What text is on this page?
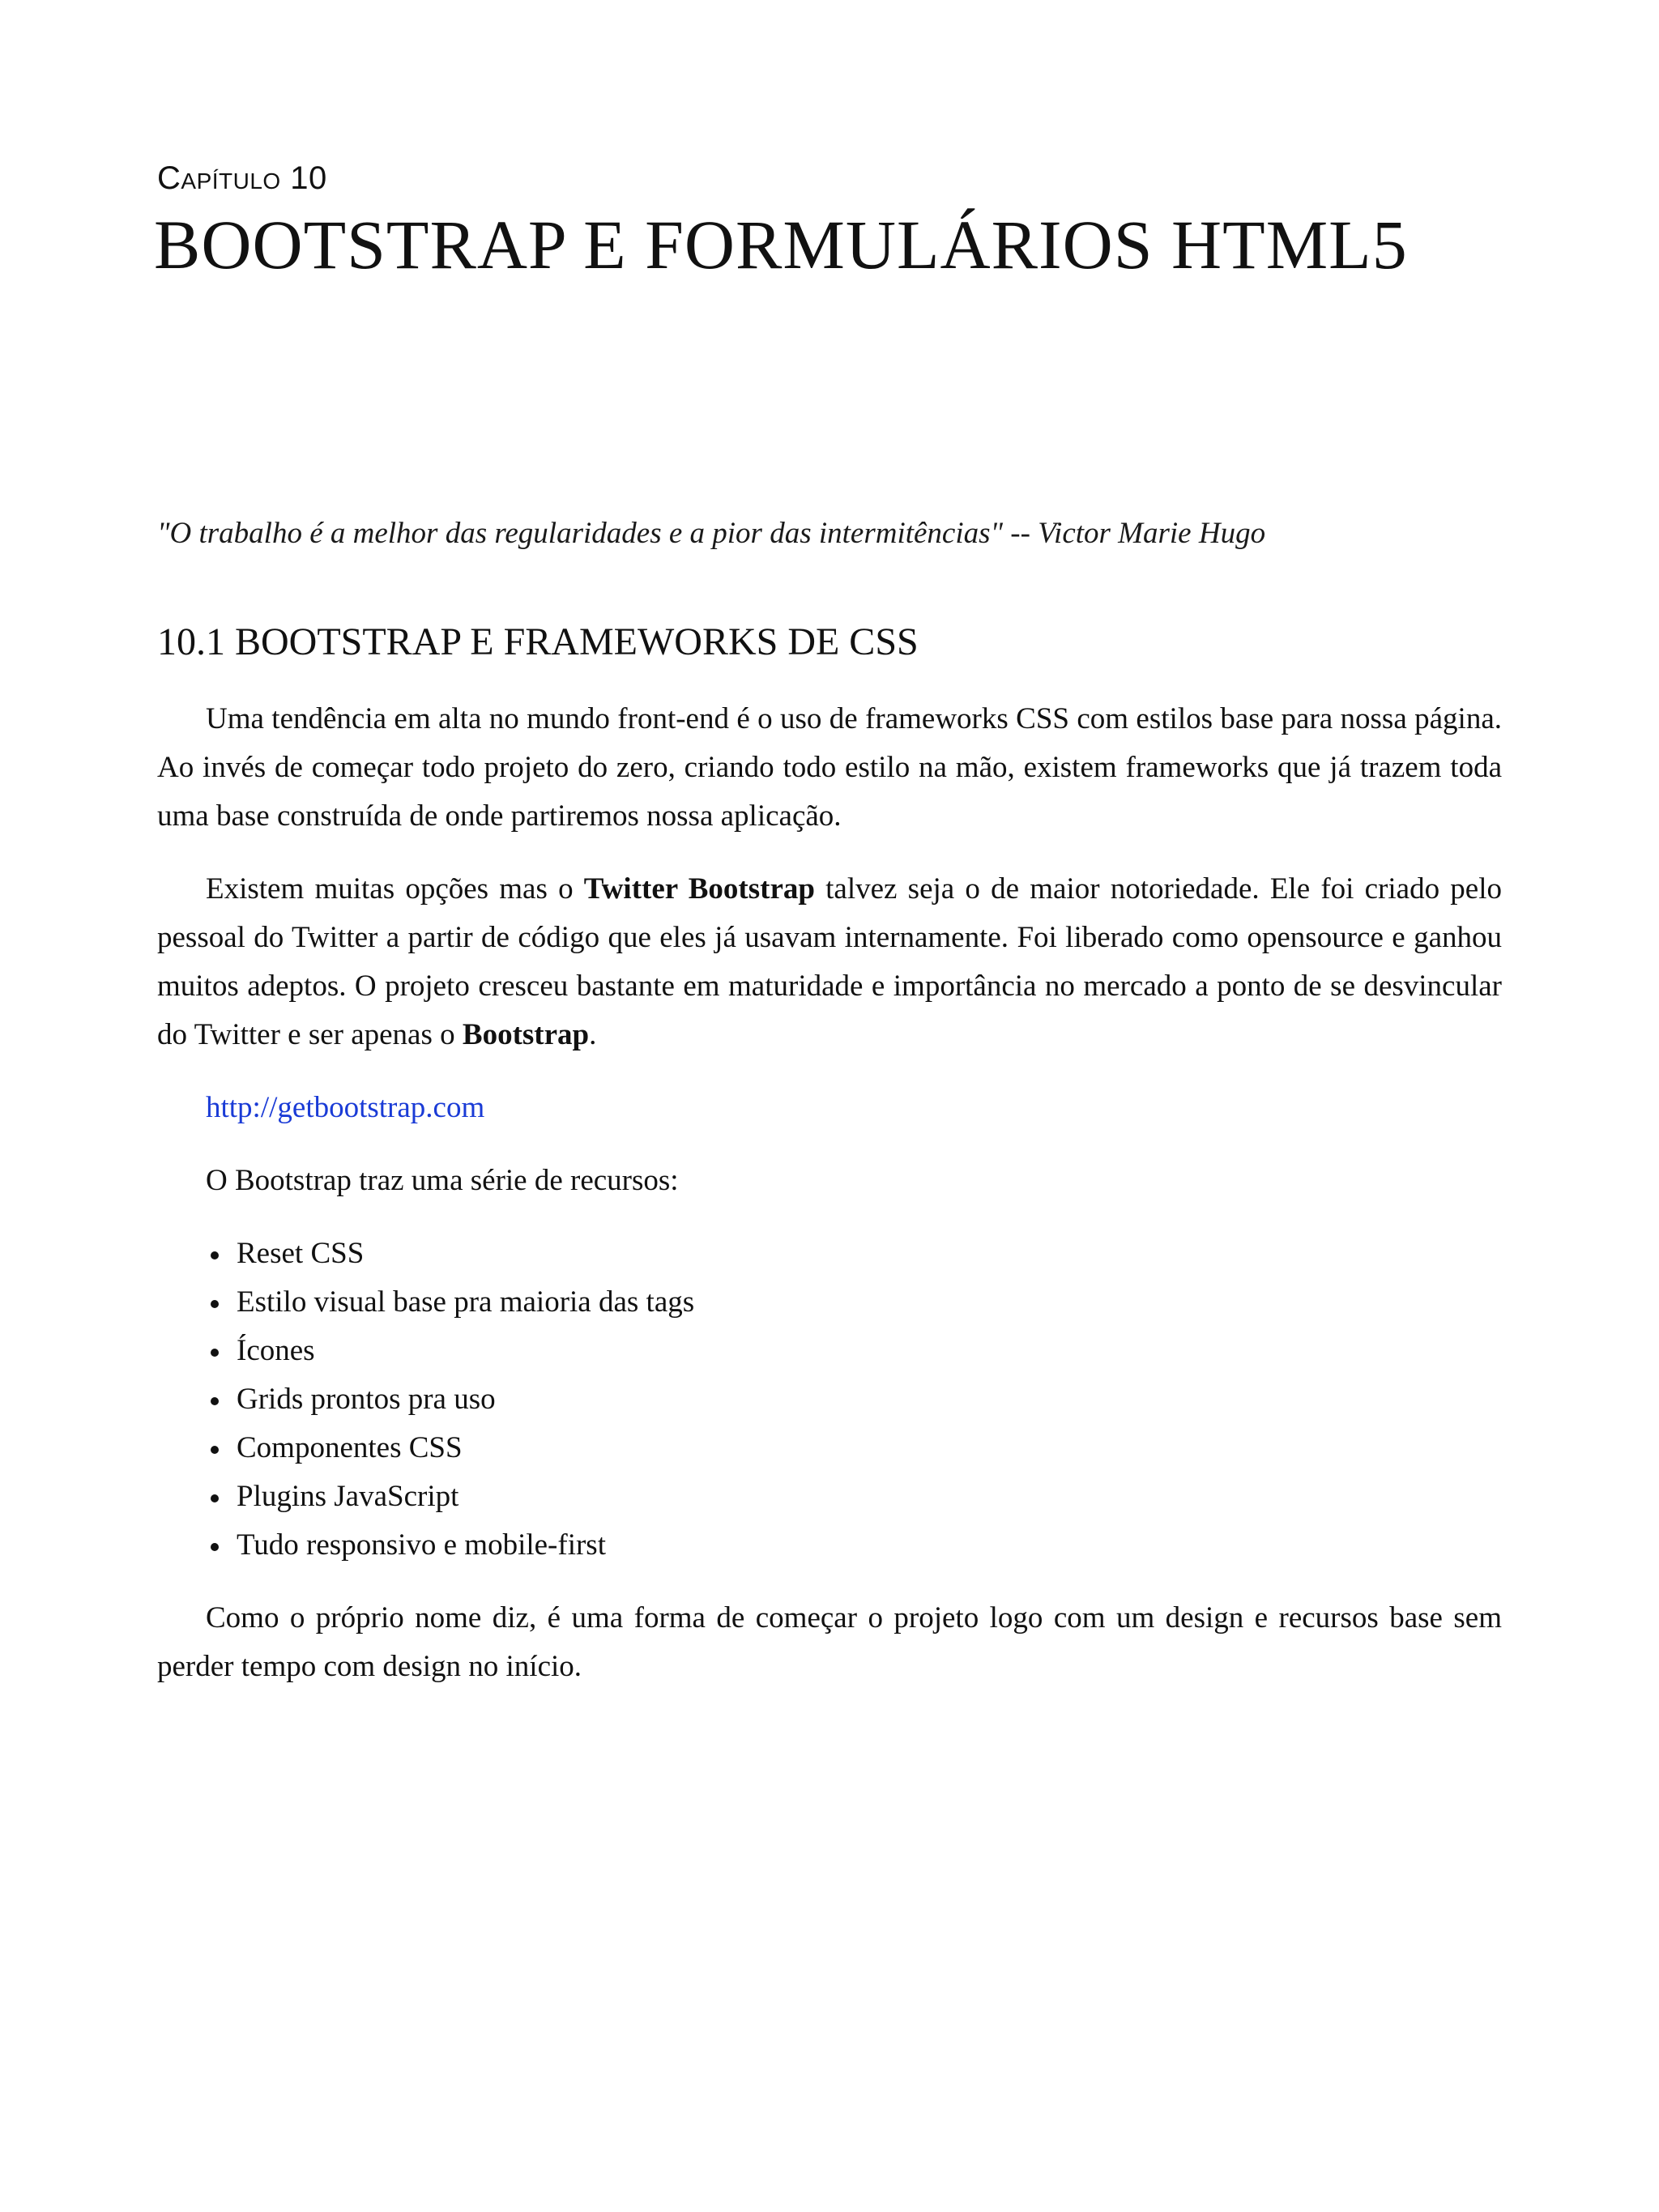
Capítulo 10
BOOTSTRAP E FORMULÁRIOS HTML5

"O trabalho é a melhor das regularidades e a pior das intermitências" -- Victor Marie Hugo

10.1 BOOTSTRAP E FRAMEWORKS DE CSS

Uma tendência em alta no mundo front-end é o uso de frameworks CSS com estilos base para nossa página. Ao invés de começar todo projeto do zero, criando todo estilo na mão, existem frameworks que já trazem toda uma base construída de onde partiremos nossa aplicação.

Existem muitas opções mas o Twitter Bootstrap talvez seja o de maior notoriedade. Ele foi criado pelo pessoal do Twitter a partir de código que eles já usavam internamente. Foi liberado como opensource e ganhou muitos adeptos. O projeto cresceu bastante em maturidade e importância no mercado a ponto de se desvincular do Twitter e ser apenas o Bootstrap.

http://getbootstrap.com

O Bootstrap traz uma série de recursos:

Reset CSS
Estilo visual base pra maioria das tags
Ícones
Grids prontos pra uso
Componentes CSS
Plugins JavaScript
Tudo responsivo e mobile-first

Como o próprio nome diz, é uma forma de começar o projeto logo com um design e recursos base sem perder tempo com design no início.
